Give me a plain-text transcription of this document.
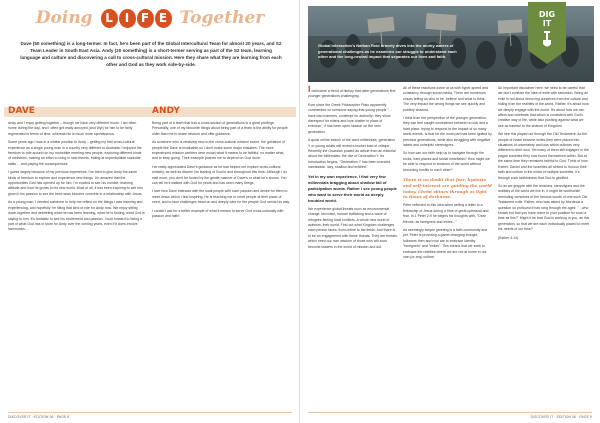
Doing L I F E Together
Dave (50 something) is a long-termer. In fact, he's been part of the Global Intercultural Team for almost 20 years, and S2 Team Leader in South East Asia. Andy (20 something) is a short-termer serving as part of the S2 team, learning language and culture and discovering a call to cross-cultural mission. Here they share what they are learning from each other and God as they work side-by-side.
DAVE	ANDY

Andy and I enjoy getting together – though we have very different hours. I am often home during the day, and I often get really annoyed (and Wyl) for him to be fairly regimented in terms of time, whereas his is much more spontaneous.

Some years ago I was in a similar position to Andy – getting my first cross-cultural experience as a single young man in a country very different to Australia. I enjoyed the freedom to ride around on my motorbike meeting new people, exploring different kinds of ministries, making an effort to bring in new friends, eating at unpredictable roadside stalls ... and paying the consequences.

I guess largely because of my previous experience, I've tried to give Andy the same kinds of freedom to explore and experience new things. I'm amazed that the opportunities God has opened up for him. I'm excited to see his humble, learning attitude and how he grows in his new world. Most of all, it has been inspiring to see him grow in his passion to see the best news become concrete in a relationship with Jesus.

As a young man, I needed someone to help me reflect on the things I was learning and experiencing, and hopefully I'm filling that kind of role for Andy now. We enjoy sitting down together and debriefing what he has been learning, what he is finding, what God is saying to him. It's fantastic to see his excitement and passion. I look forward to being a part of what God has in store for Andy over the coming years, even if it does involve hammocks...

Being part of a team that has a cross-section of generations is a great privilege. Personally, one of my favourite things about being part of a team is the ability for people older than me to share wisdom and offer guidance.

As someone who is relatively new to the cross-cultural mission scene, the guidance of people like Dave is invaluable so I don't make some major mistakes. The more experienced mission workers here model what it means to be faithful, no matter what, and to keep going. Their example pushes me to depend on God more.

I've really appreciated Dave's guidance as he has helped me explore cross-cultural ministry, as well as discern his leading of God in and throughout this time. Although I do wait more, you don't be fooled by the gentle manner of Dave's or what he's shown. You can tell he's walked with God for years and has seen many things.

I love how Dave interacts with the local people with such passion and desire for them to meet Jesus which I find inspiring. He is teaching me to meet people at their place of need, and to face challenges head on and deeply care for the people God sends his way.

I couldn't ask for a better example of what it means to serve God cross-culturally with passion and faith!

DISCOVER IT · EDITION 06 · PAGE 8
Global Interaction's Nathan Reid bravely dives into the murky waters of generational challenges as he examines our struggle to understand each other and the long-neutral impact that separates our lives and faith.
DIG
IT

I overcame a trend of history that older generations find younger generations challenging.

Ever since the Greek Philosopher Plato apparently commented on someone saying that young people "…have bad manners, contempt for authority; they show disrespect for elders and love chatter in place of exercise", it has been open season on the next generation.

A quick online search of the word millennials, generation Y or young adults will reveal a bucket load of critique. Recently the Guardian posted an article from an editorial about the Millennials: the rise of Generation Y. Its introduction begins, "Generation Y has been branded narcissistic, lazy, shallow and entitled."

Yet in my own experience, I find very few millennials bragging about shallow fall of participation words. Rather I see young people who want to serve their world as deeply troubled world.

We experience global threats such as environmental change, terrorism, human trafficking and a wave of refugees fleeing local conflicts. A whole new world of activism, their world. Find out what Kingdom challenges each person faces, from online to the fields. And there is to be an engagement with these threats. They are threats which need our own wisdom of those who will soon become leaders in the world of mission and aid.

All of these reactions come at us with hyper-speed and constancy through social media. There are numerous voices telling us who to be, believe and what to think. The very impact the wrong things we see quickly and publicly shamed.

I think from the perspective of the younger generation, they can feel caught somewhere between a rock and a hard place, trying to respond to the impact of so many world events. Is that for the most part has been ignited by previous generations, while also struggling with negative labels and unhelpful stereotypes.

So how can our faith help us to navigate through the rocks, hard places and social minefields? How might we be able to respond to tensions of the world without becoming hostile to each other?

There is no doubt that fear, hysteria and self-interest are guiding the world today. Christ shines through as light in times of darkness.

Peter reflected to this idea when writing a letter to a fellowship of Jesus during a time of great upheaval and fear. In 1 Peter 2:9 he begins his thoughts with, "Dear friends, as foreigners and exiles..."

As seemingly simple greeting is a faith community and yet, Peter is providing a game-changing thought, followers then and now are to embrace identity "foreigners" and "exiles". This means that we seek to embrace the realities where we are not at home in our own (or any) culture.

An important disclaimer here: we need to be careful that we don't confuse the idea of exile with seclusion. Being an exile is not about removing ourselves from the culture and hiding from the realities of the world. Rather, it's about how we deeply engage with the world. It's about how we can affirm and celebrate that which is consistent with God's creative way of life, while also pushing against what we see as harmful to the shalom of Kingdom.

We see this played out through the Old Testament. As the people of Israel became exiles they were placed into situations of uncertainty and loss within cultures very different to their own. Yet many of them still engaged in the pagan societies they now found themselves within. But at the same time they remained faithful to God. Think of how Esther, Daniel and the Israelites all strived to honour their faith and culture in the midst of multiple societies. It's through such faithfulness that God is glorified.

So as we grapple with the tensions, stereotypes and the realities of the world we live in, it might be worthwhile reminding ourselves of the famous words of one such Old Testament exile. Esther, who was asked by Mordecai a question so profound it has rung through the ages: "…who knows but that you have come to your position for such a time as this?" Might it be that God is working in you, as this generation, so that we are each individually placed to meet the needs of our time?

(Esther 4:14)

DISCOVER IT · EDITION 06 · PAGE 9
